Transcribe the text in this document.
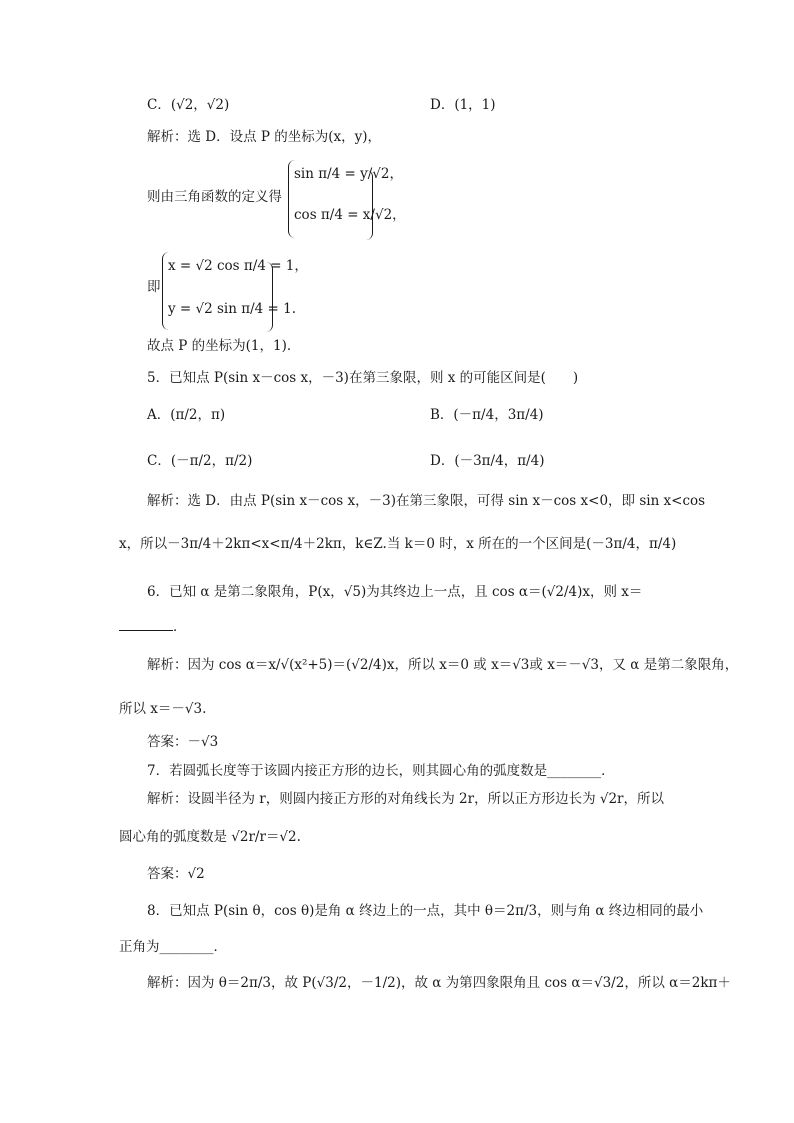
C．(√2，√2)	D．(1，1)
解析：选 D．设点 P 的坐标为(x，y)，
则由三角函数的定义得
sin π/4 = y/√2，
cos π/4 = x/√2，
即
x = √2 cos π/4 = 1，
y = √2 sin π/4 = 1.
故点 P 的坐标为(1，1)．
5．已知点 P(sin x－cos x，－3)在第三象限，则 x 的可能区间是(　　)
A．(π/2，π)	B．(－π/4，3π/4)
C．(－π/2，π/2)	D．(－3π/4，π/4)
解析：选 D．由点 P(sin x－cos x，－3)在第三象限，可得 sin x－cos x<0，即 sin x<cos
x，所以－3π/4＋2kπ<x<π/4＋2kπ，k∈Z.当 k＝0 时，x 所在的一个区间是(－3π/4，π/4)
6．已知 α 是第二象限角，P(x，√5)为其终边上一点，且 cos α＝(√2/4)x，则 x＝
．
解析：因为 cos α＝x/√(x²+5)＝(√2/4)x，所以 x＝0 或 x＝√3或 x＝－√3，又 α 是第二象限角，
所以 x＝－√3.
答案：－√3
7．若圆弧长度等于该圆内接正方形的边长，则其圆心角的弧度数是________．
解析：设圆半径为 r，则圆内接正方形的对角线长为 2r，所以正方形边长为 √2r，所以
圆心角的弧度数是 √2r/r＝√2.
答案：√2
8．已知点 P(sin θ，cos θ)是角 α 终边上的一点，其中 θ＝2π/3，则与角 α 终边相同的最小
正角为________．
解析：因为 θ＝2π/3，故 P(√3/2，－1/2)，故 α 为第四象限角且 cos α＝√3/2，所以 α＝2kπ＋
